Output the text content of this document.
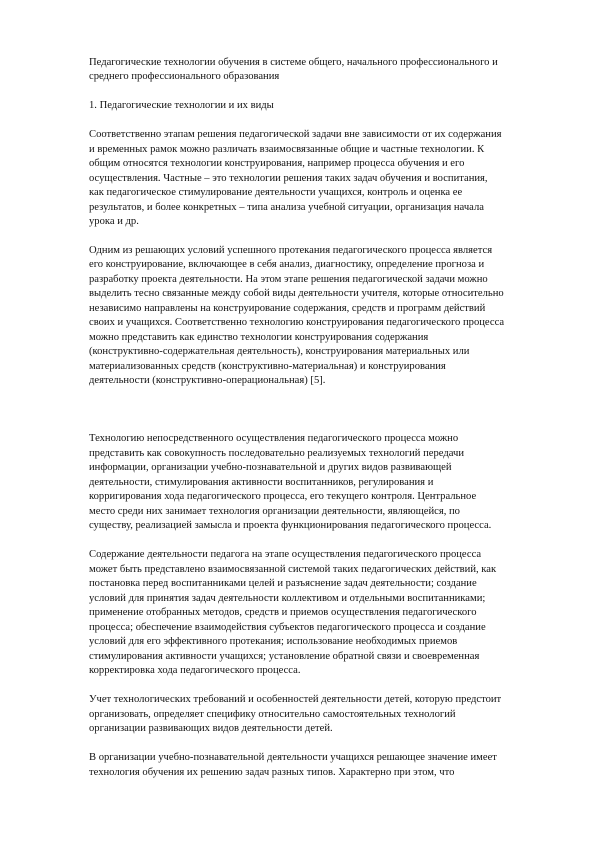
Педагогические технологии обучения в системе общего, начального профессионального и
среднего профессионального образования
1. Педагогические технологии и их виды
Соответственно этапам решения педагогической задачи вне зависимости от их содержания
и временных рамок можно различать взаимосвязанные общие и частные технологии. К
общим относятся технологии конструирования, например процесса обучения и его
осуществления. Частные – это технологии решения таких задач обучения и воспитания,
как педагогическое стимулирование деятельности учащихся, контроль и оценка ее
результатов, и более конкретных – типа анализа учебной ситуации, организация начала
урока и др.
Одним из решающих условий успешного протекания педагогического процесса является
его конструирование, включающее в себя анализ, диагностику, определение прогноза и
разработку проекта деятельности. На этом этапе решения педагогической задачи можно
выделить тесно связанные между собой виды деятельности учителя, которые относительно
независимо направлены на конструирование содержания, средств и программ действий
своих и учащихся. Соответственно технологию конструирования педагогического процесса
можно представить как единство технологии конструирования содержания
(конструктивно-содержательная деятельность), конструирования материальных или
материализованных средств (конструктивно-материальная) и конструирования
деятельности (конструктивно-операциональная) [5].
Технологию непосредственного осуществления педагогического процесса можно
представить как совокупность последовательно реализуемых технологий передачи
информации, организации учебно-познавательной и других видов развивающей
деятельности, стимулирования активности воспитанников, регулирования и
корригирования хода педагогического процесса, его текущего контроля. Центральное
место среди них занимает технология организации деятельности, являющейся, по
существу, реализацией замысла и проекта функционирования педагогического процесса.
Содержание деятельности педагога на этапе осуществления педагогического процесса
может быть представлено взаимосвязанной системой таких педагогических действий, как
постановка перед воспитанниками целей и разъяснение задач деятельности; создание
условий для принятия задач деятельности коллективом и отдельными воспитанниками;
применение отобранных методов, средств и приемов осуществления педагогического
процесса; обеспечение взаимодействия субъектов педагогического процесса и создание
условий для его эффективного протекания; использование необходимых приемов
стимулирования активности учащихся; установление обратной связи и своевременная
корректировка хода педагогического процесса.
Учет технологических требований и особенностей деятельности детей, которую предстоит
организовать, определяет специфику относительно самостоятельных технологий
организации развивающих видов деятельности детей.
В организации учебно-познавательной деятельности учащихся решающее значение имеет
технология обучения их решению задач разных типов. Характерно при этом, что
